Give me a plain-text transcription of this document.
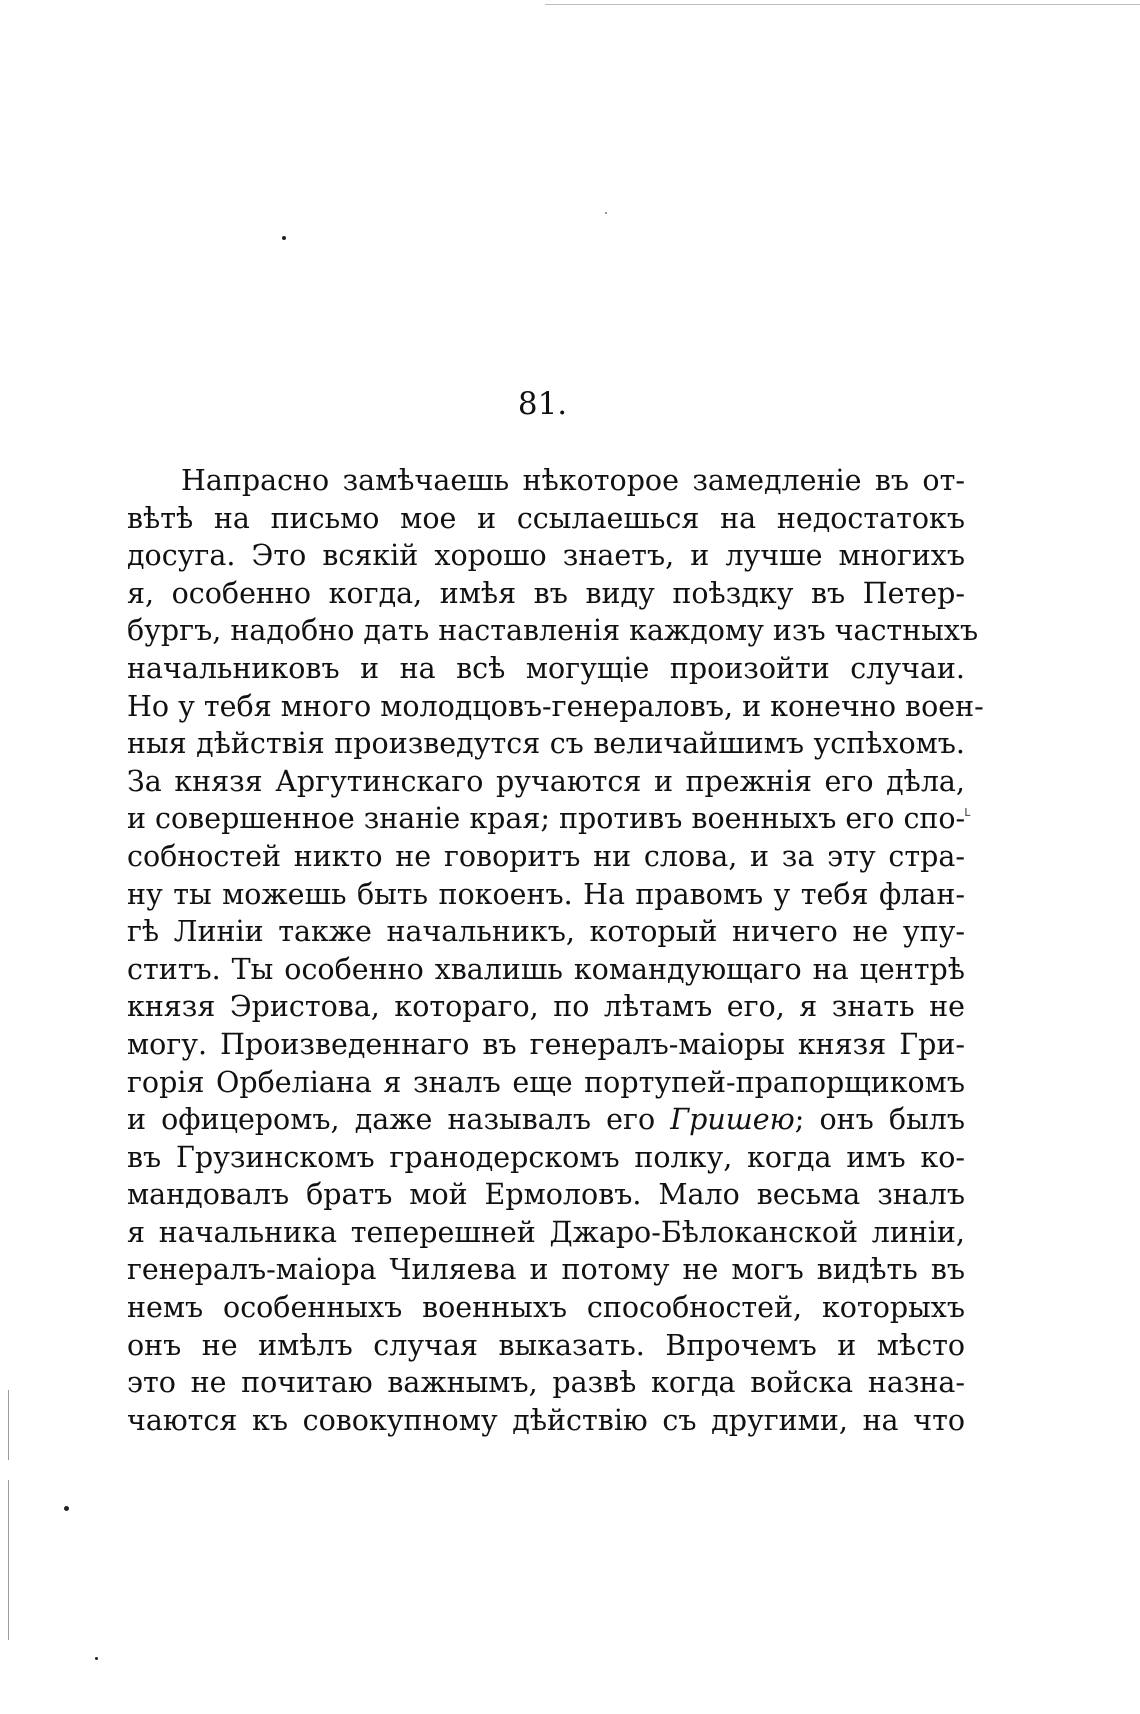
81.

Напрасно замѣчаешь нѣкоторое замедленіе въ от-
вѣтѣ на письмо мое и ссылаешься на недостатокъ
досуга. Это всякій хорошо знаетъ, и лучше многихъ
я, особенно когда, имѣя въ виду поѣздку въ Петер-
бургъ, надобно дать наставленія каждому изъ частныхъ
начальниковъ и на всѣ могущіе произойти случаи.
Но у тебя много молодцовъ-генераловъ, и конечно воен-
ныя дѣйствія произведутся съ величайшимъ успѣхомъ.
За князя Аргутинскаго ручаются и прежнія его дѣла,
и совершенное знаніе края; противъ военныхъ его спо-
собностей никто не говоритъ ни слова, и за эту стра-
ну ты можешь быть покоенъ. На правомъ у тебя флан-
гѣ Линіи также начальникъ, который ничего не упу-
ститъ. Ты особенно хвалишь командующаго на центрѣ
князя Эристова, котораго, по лѣтамъ его, я знать не
могу. Произведеннаго въ генералъ-маіоры князя Гри-
горія Орбеліана я зналъ еще портупей-прапорщикомъ
и офицеромъ, даже называлъ его Гришею; онъ былъ
въ Грузинскомъ гранодерскомъ полку, когда имъ ко-
мандовалъ братъ мой Ермоловъ. Мало весьма зналъ
я начальника теперешней Джаро-Бѣлоканской линіи,
генералъ-маіора Чиляева и потому не могъ видѣть въ
немъ особенныхъ военныхъ способностей, которыхъ
онъ не имѣлъ случая выказать. Впрочемъ и мѣсто
это не почитаю важнымъ, развѣ когда войска назна-
чаются къ совокупному дѣйствію съ другими, на что

ւ
